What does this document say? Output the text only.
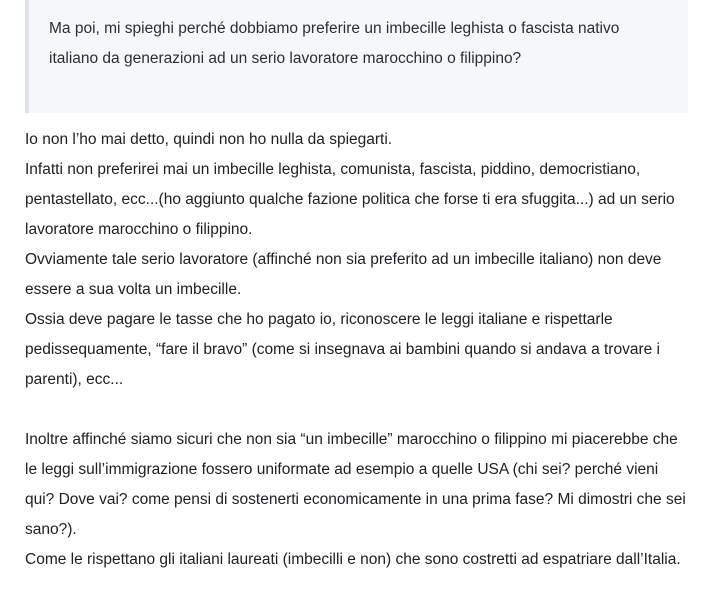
Ma poi, mi spieghi perché dobbiamo preferire un imbecille leghista o fascista nativo italiano da generazioni ad un serio lavoratore marocchino o filippino?

Io non l’ho mai detto, quindi non ho nulla da spiegarti.
Infatti non preferirei mai un imbecille leghista, comunista, fascista, piddino, democristiano, pentastellato, ecc...(ho aggiunto qualche fazione politica che forse ti era sfuggita...) ad un serio lavoratore marocchino o filippino.
Ovviamente tale serio lavoratore (affinché non sia preferito ad un imbecille italiano) non deve essere a sua volta un imbecille.
Ossia deve pagare le tasse che ho pagato io, riconoscere le leggi italiane e rispettarle pedissequamente, “fare il bravo” (come si insegnava ai bambini quando si andava a trovare i parenti), ecc...

Inoltre affinché siamo sicuri che non sia “un imbecille” marocchino o filippino mi piacerebbe che le leggi sull’immigrazione fossero uniformate ad esempio a quelle USA (chi sei? perché vieni qui? Dove vai? come pensi di sostenerti economicamente in una prima fase? Mi dimostri che sei sano?).
Come le rispettano gli italiani laureati (imbecilli e non) che sono costretti ad espatriare dall’Italia.
